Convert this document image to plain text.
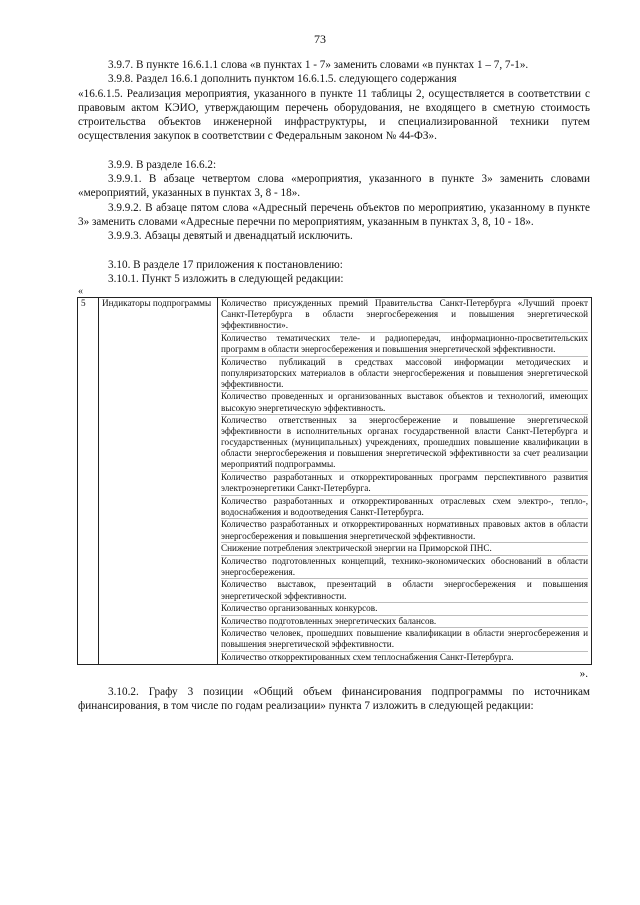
73

3.9.7. В пункте 16.6.1.1 слова «в пунктах 1 - 7» заменить словами «в пунктах 1 – 7, 7-1».

3.9.8. Раздел 16.6.1 дополнить пунктом 16.6.1.5. следующего содержания

«16.6.1.5. Реализация мероприятия, указанного в пункте 11 таблицы 2, осуществляется в соответствии с правовым актом КЭИО, утверждающим перечень оборудования, не входящего в сметную стоимость строительства объектов инженерной инфраструктуры, и специализированной техники путем осуществления закупок в соответствии с Федеральным законом № 44-ФЗ».

3.9.9. В разделе 16.6.2:

3.9.9.1. В абзаце четвертом слова «мероприятия, указанного в пункте 3» заменить словами «мероприятий, указанных в пунктах 3, 8 - 18».

3.9.9.2. В абзаце пятом слова «Адресный перечень объектов по мероприятию, указанному в пункте 3» заменить словами «Адресные перечни по мероприятиям, указанным в пунктах 3, 8, 10 - 18».

3.9.9.3. Абзацы девятый и двенадцатый исключить.

3.10. В разделе 17 приложения к постановлению:

3.10.1. Пункт 5 изложить в следующей редакции:

«
5	Индикаторы подпрограммы	Количество присужденных премий Правительства Санкт-Петербурга «Лучший проект Санкт-Петербурга в области энергосбережения и повышения энергетической эффективности».
Количество тематических теле- и радиопередач, информационно-просветительских программ в области энергосбережения и повышения энергетической эффективности.
Количество публикаций в средствах массовой информации методических и популяризаторских материалов в области энергосбережения и повышения энергетической эффективности.
Количество проведенных и организованных выставок объектов и технологий, имеющих высокую энергетическую эффективность.
Количество ответственных за энергосбережение и повышение энергетической эффективности в исполнительных органах государственной власти Санкт-Петербурга и государственных (муниципальных) учреждениях, прошедших повышение квалификации в области энергосбережения и повышения энергетической эффективности за счет реализации мероприятий подпрограммы.
Количество разработанных и откорректированных программ перспективного развития электроэнергетики Санкт-Петербурга.
Количество разработанных и откорректированных отраслевых схем электро-, тепло-, водоснабжения и водоотведения Санкт-Петербурга.
Количество разработанных и откорректированных нормативных правовых актов в области энергосбережения и повышения энергетической эффективности.
Снижение потребления электрической энергии на Приморской ПНС.
Количество подготовленных концепций, технико-экономических обоснований в области энергосбережения.
Количество выставок, презентаций в области энергосбережения и повышения энергетической эффективности.
Количество организованных конкурсов.
Количество подготовленных энергетических балансов.
Количество человек, прошедших повышение квалификации в области энергосбережения и повышения энергетической эффективности.
Количество откорректированных схем теплоснабжения Санкт-Петербурга.
».

3.10.2. Графу 3 позиции «Общий объем финансирования подпрограммы по источникам финансирования, в том числе по годам реализации» пункта 7 изложить в следующей редакции:
